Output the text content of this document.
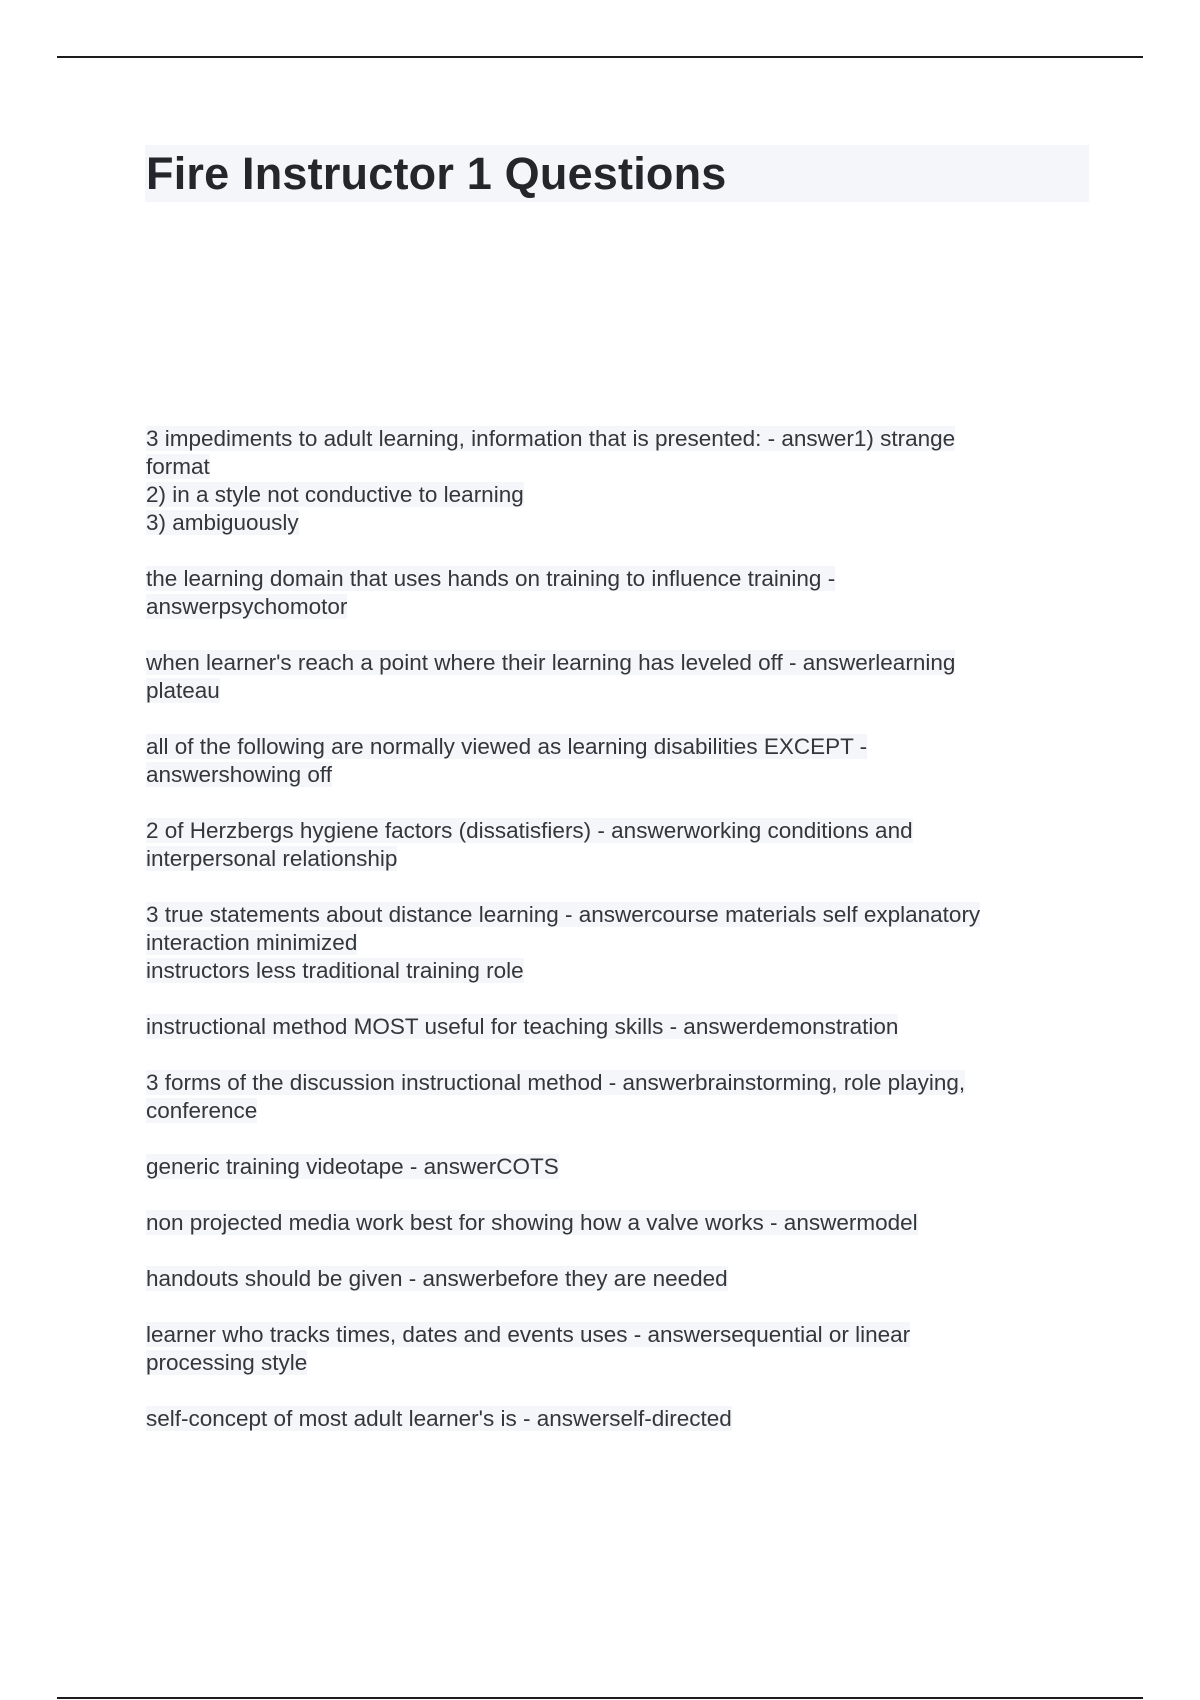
Fire Instructor 1 Questions
3 impediments to adult learning, information that is presented: - answer1) strange
format
2) in a style not conductive to learning
3) ambiguously
the learning domain that uses hands on training to influence training -
answerpsychomotor
when learner's reach a point where their learning has leveled off - answerlearning
plateau
all of the following are normally viewed as learning disabilities EXCEPT -
answershowing off
2 of Herzbergs hygiene factors (dissatisfiers) - answerworking conditions and
interpersonal relationship
3 true statements about distance learning - answercourse materials self explanatory
interaction minimized
instructors less traditional training role
instructional method MOST useful for teaching skills - answerdemonstration
3 forms of the discussion instructional method - answerbrainstorming, role playing,
conference
generic training videotape - answerCOTS
non projected media work best for showing how a valve works - answermodel
handouts should be given - answerbefore they are needed
learner who tracks times, dates and events uses - answersequential or linear
processing style
self-concept of most adult learner's is - answerself-directed
